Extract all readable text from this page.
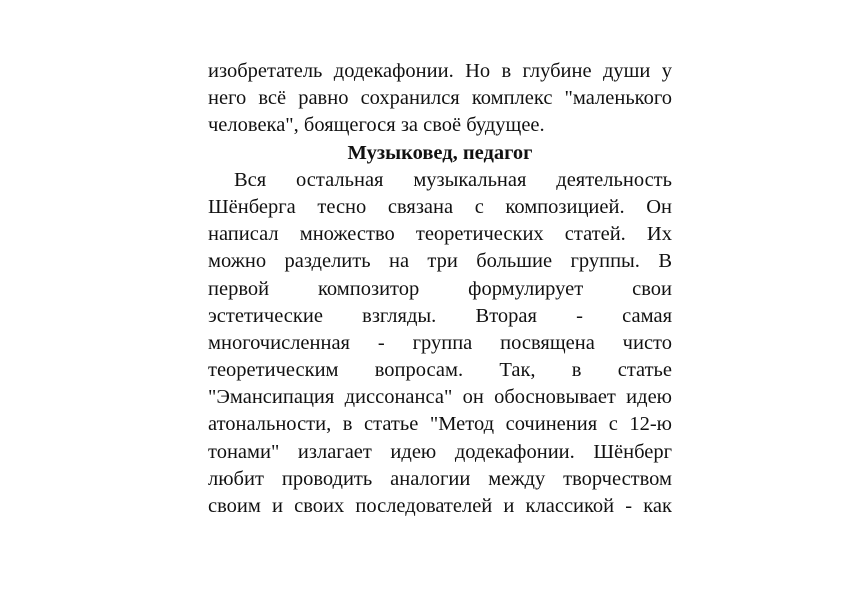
изобретатель додекафонии. Но в глубине души у
него всё равно сохранился комплекс "маленького
человека", боящегося за своё будущее.
Музыковед, педагог
Вся остальная музыкальная деятельность
Шёнберга тесно связана с композицией. Он
написал множество теоретических статей. Их
можно разделить на три большие группы. В
первой композитор формулирует свои
эстетические взгляды. Вторая - самая
многочисленная - группа посвящена чисто
теоретическим вопросам. Так, в статье
"Эмансипация диссонанса" он обосновывает идею
атональности, в статье "Метод сочинения с 12-ю
тонами" излагает идею додекафонии. Шёнберг
любит проводить аналогии между творчеством
своим и своих последователей и классикой - как
